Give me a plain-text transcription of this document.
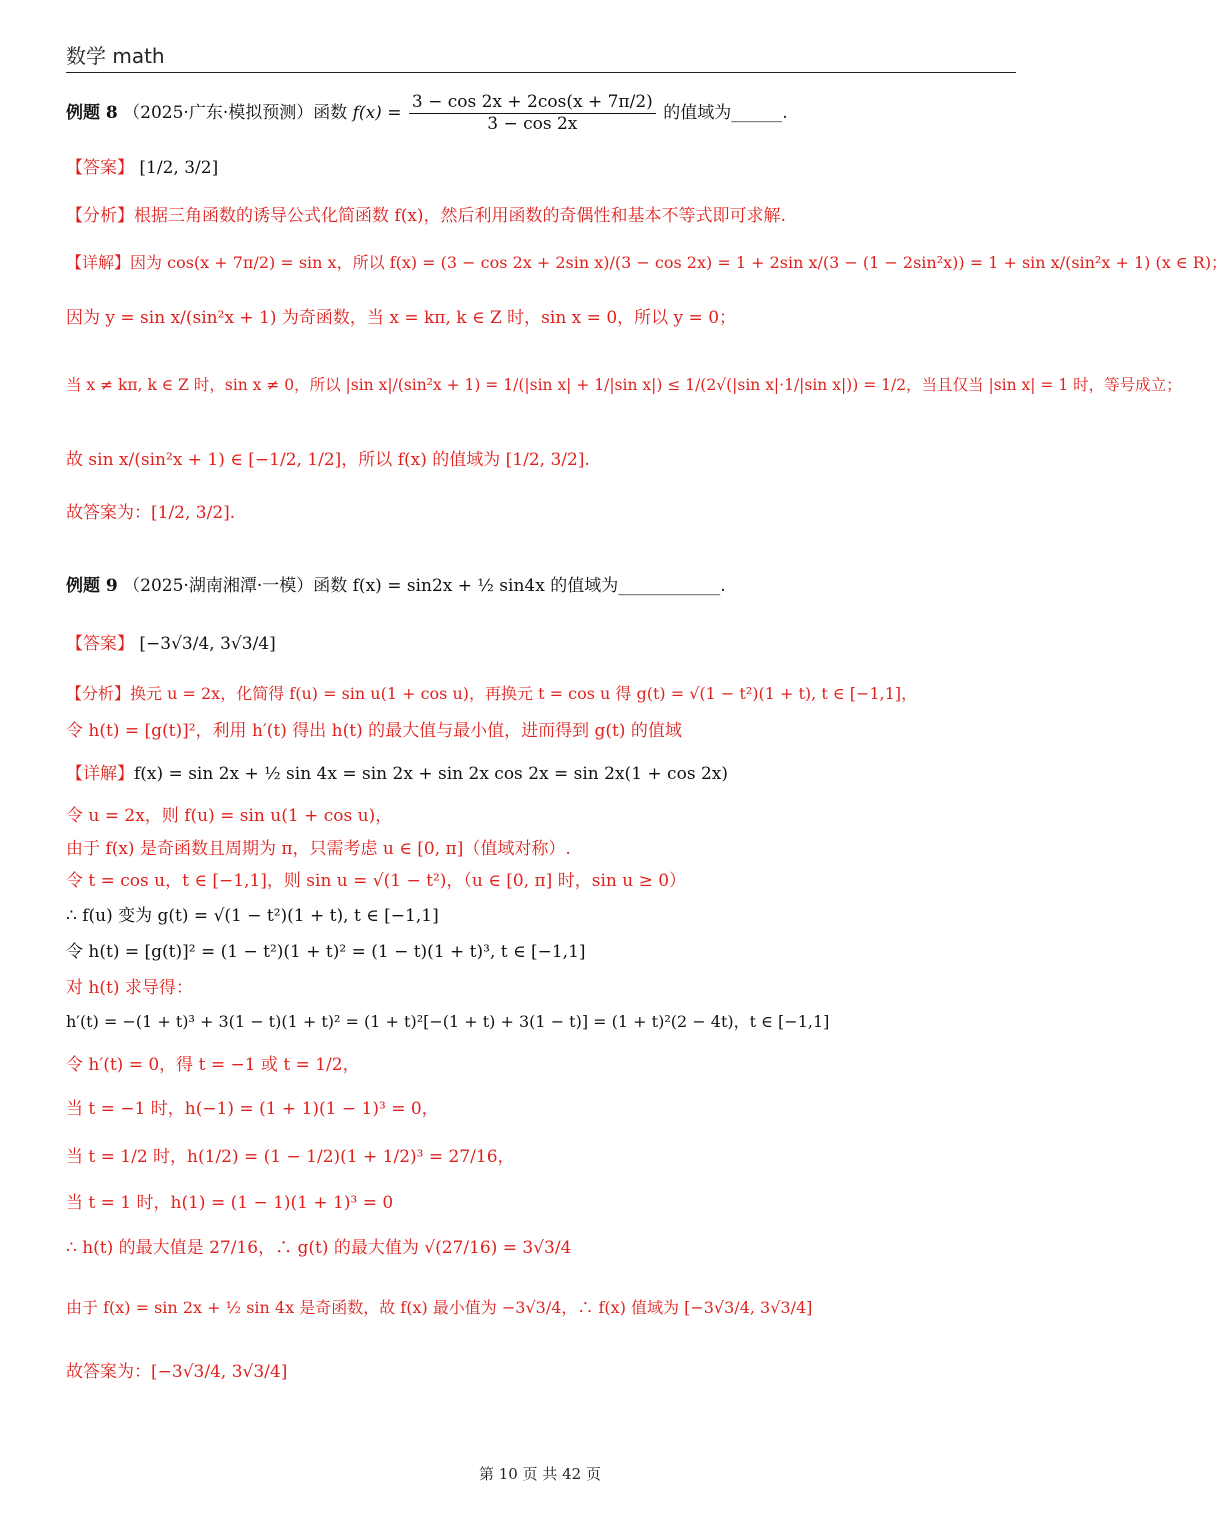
数学 math
例题 8 （2025·广东·模拟预测）函数 $f(x) = \frac{3 - \cos 2x + 2\cos(x + 7\pi/2)}{3 - \cos 2x}$ 的值域为______.
【答案】 [1/2, 3/2]
【分析】根据三角函数的诱导公式化简函数 f(x)，然后利用函数的奇偶性和基本不等式即可求解.
【详解】因为 cos(x + 7π/2) = sin x，所以 f(x) = (3 − cos 2x + 2sin x)/(3 − cos 2x) = 1 + 2sin x/(3 − (1 − 2sin²x)) = 1 + sin x/(sin²x + 1) (x ∈ R)；
因为 y = sin x/(sin²x + 1) 为奇函数，当 x = kπ, k ∈ Z 时，sin x = 0，所以 y = 0；
当 x ≠ kπ, k ∈ Z 时，sin x ≠ 0，所以 |sin x|/(sin²x + 1) = 1/(|sin x| + 1/|sin x|) ≤ 1/(2√(|sin x|·1/|sin x|)) = 1/2，当且仅当 |sin x| = 1 时，等号成立；
故 sin x/(sin²x + 1) ∈ [−1/2, 1/2]，所以 f(x) 的值域为 [1/2, 3/2].
故答案为：[1/2, 3/2].
例题 9 （2025·湖南湘潭·一模）函数 f(x) = sin2x + ½ sin4x 的值域为____________.
【答案】 [−3√3/4, 3√3/4]
【分析】换元 u = 2x，化简得 f(u) = sin u(1 + cos u)，再换元 t = cos u 得 g(t) = √(1 − t²)(1 + t), t ∈ [−1,1]，
令 h(t) = [g(t)]²，利用 h′(t) 得出 h(t) 的最大值与最小值，进而得到 g(t) 的值域
【详解】f(x) = sin 2x + ½ sin 4x = sin 2x + sin 2x cos 2x = sin 2x(1 + cos 2x)
令 u = 2x，则 f(u) = sin u(1 + cos u)，
由于 f(x) 是奇函数且周期为 π，只需考虑 u ∈ [0, π]（值域对称）.
令 t = cos u，t ∈ [−1,1]，则 sin u = √(1 − t²)，（u ∈ [0, π] 时，sin u ≥ 0）
∴ f(u) 变为 g(t) = √(1 − t²)(1 + t), t ∈ [−1,1]
令 h(t) = [g(t)]² = (1 − t²)(1 + t)² = (1 − t)(1 + t)³, t ∈ [−1,1]
对 h(t) 求导得：
h′(t) = −(1 + t)³ + 3(1 − t)(1 + t)² = (1 + t)²[−(1 + t) + 3(1 − t)] = (1 + t)²(2 − 4t)，t ∈ [−1,1]
令 h′(t) = 0，得 t = −1 或 t = 1/2，
当 t = −1 时，h(−1) = (1 + 1)(1 − 1)³ = 0，
当 t = 1/2 时，h(1/2) = (1 − 1/2)(1 + 1/2)³ = 27/16，
当 t = 1 时，h(1) = (1 − 1)(1 + 1)³ = 0
∴ h(t) 的最大值是 27/16，∴ g(t) 的最大值为 √(27/16) = 3√3/4
由于 f(x) = sin 2x + ½ sin 4x 是奇函数，故 f(x) 最小值为 −3√3/4，∴ f(x) 值域为 [−3√3/4, 3√3/4]
故答案为：[−3√3/4, 3√3/4]
第 10 页 共 42 页
